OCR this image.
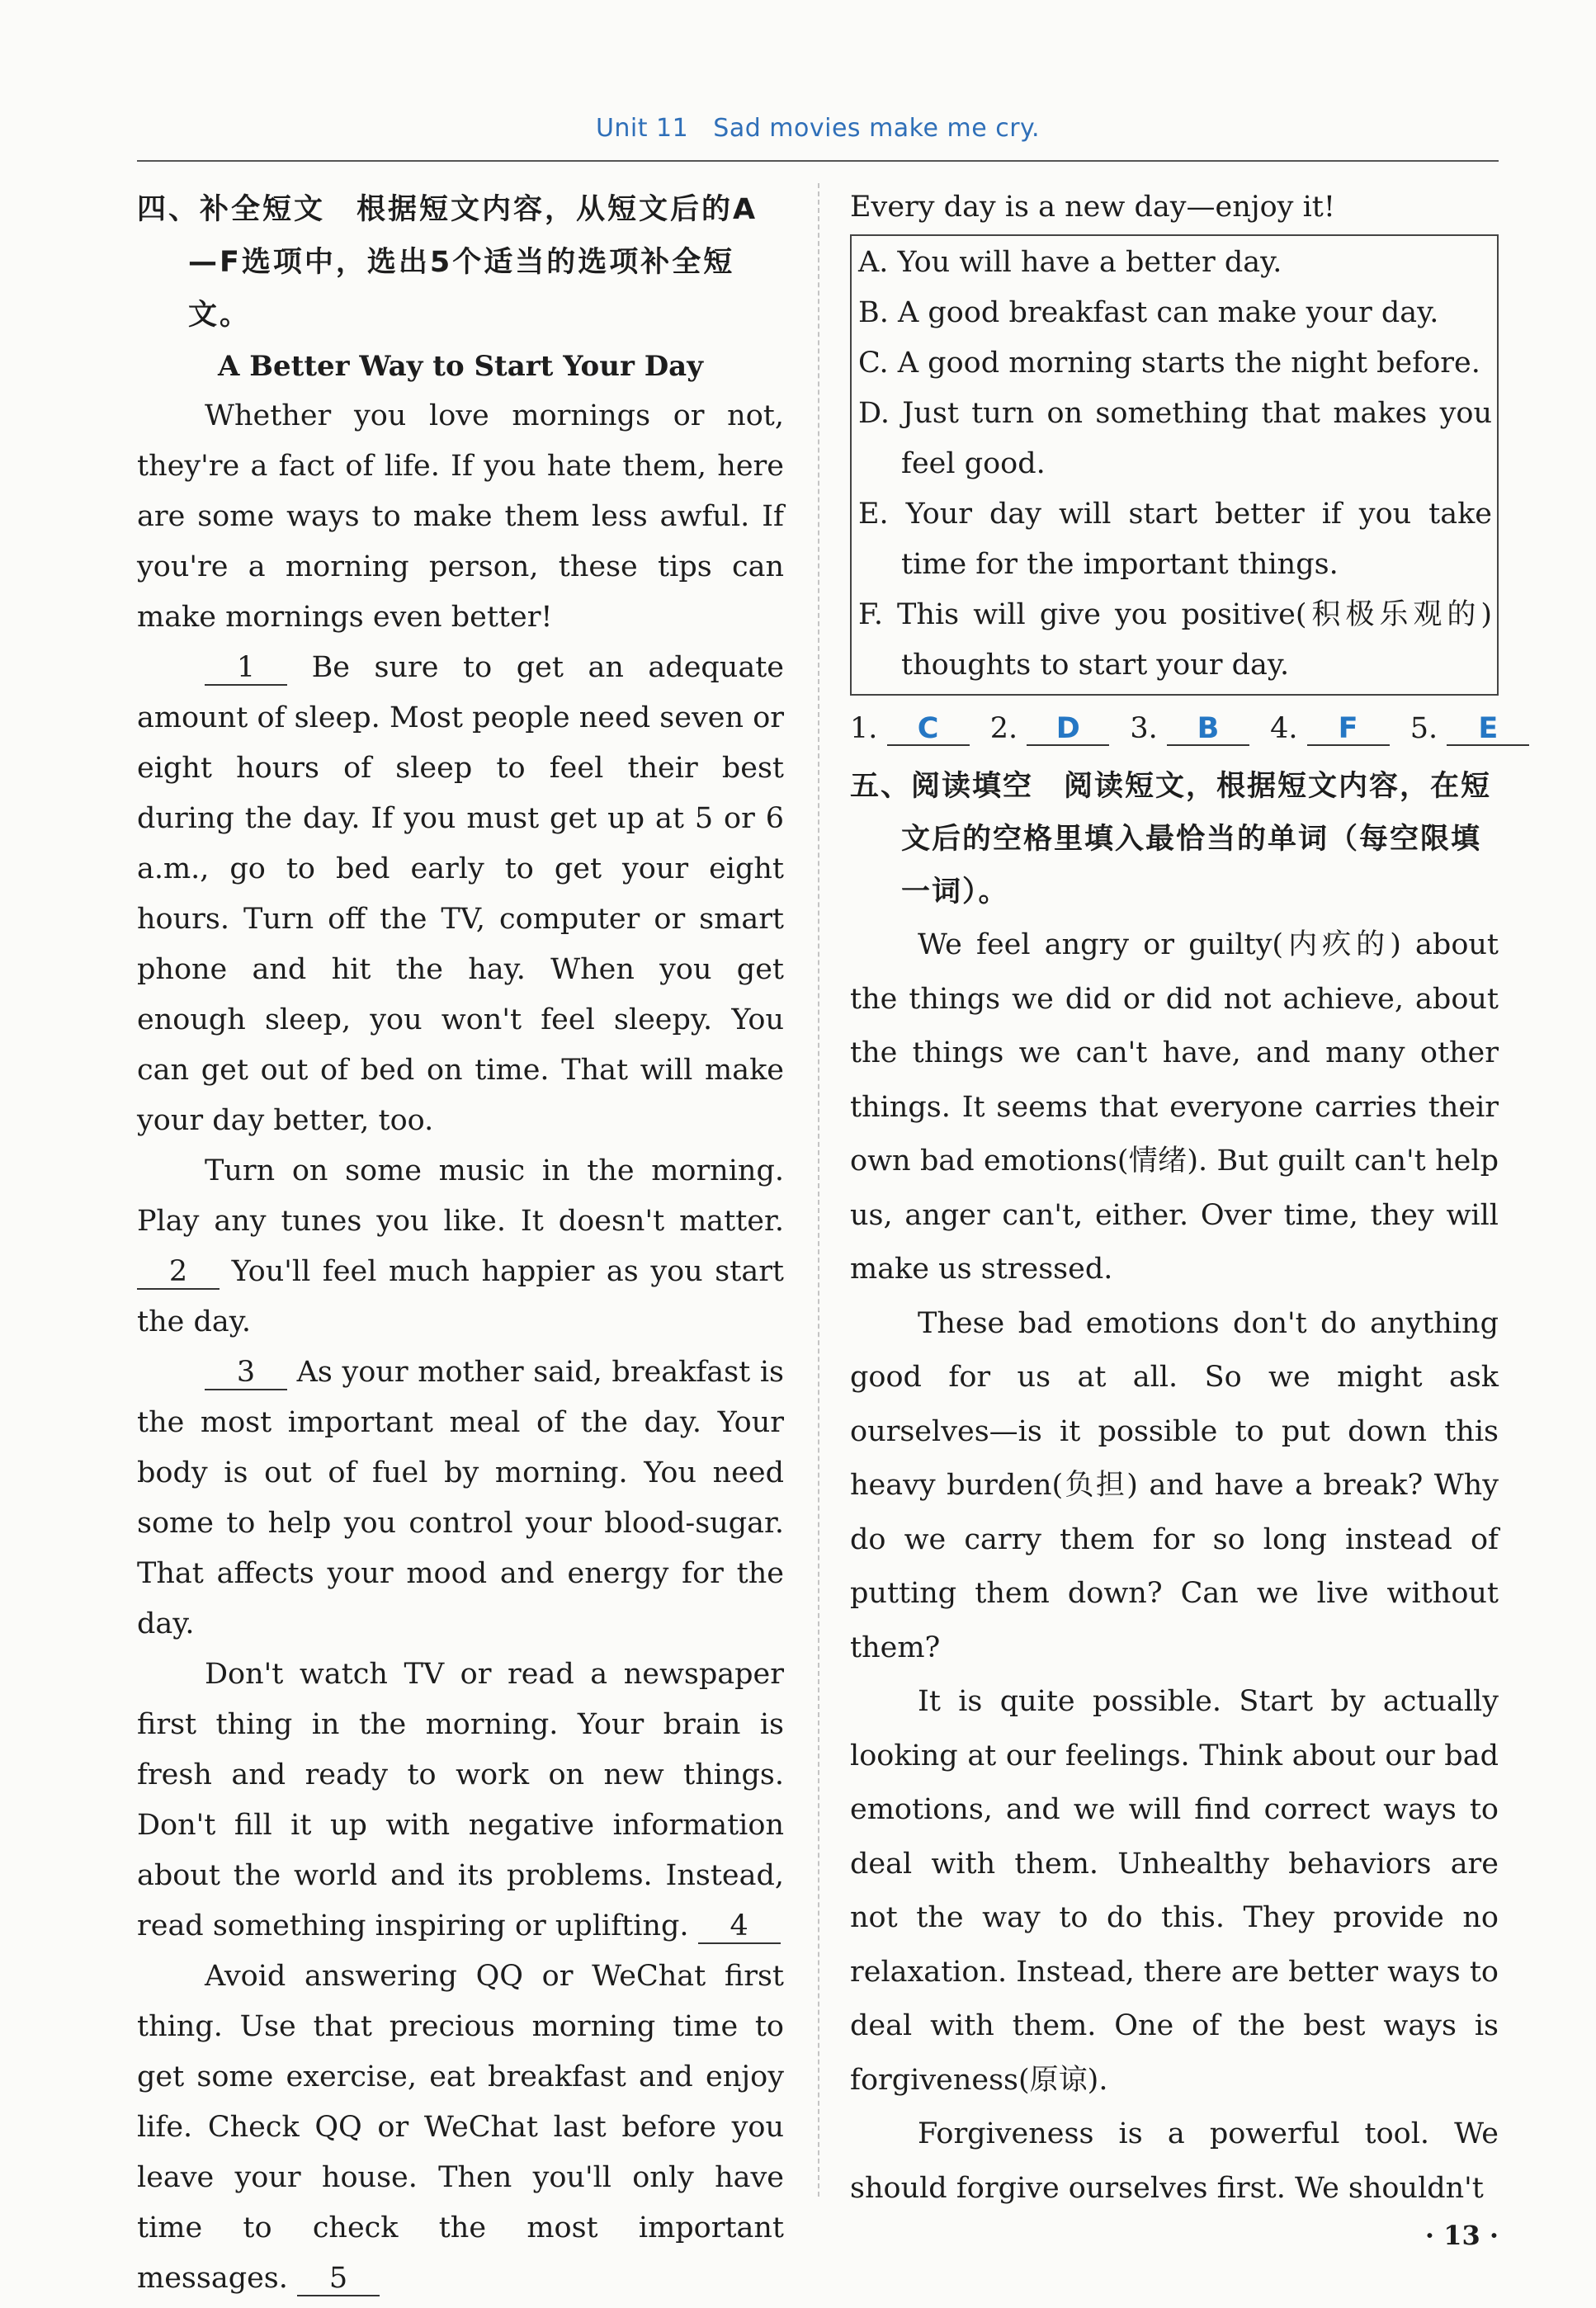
Unit 11 Sad movies make me cry.

四、补全短文　根据短文内容，从短文后的A—F选项中，选出5个适当的选项补全短文。

A Better Way to Start Your Day

Whether you love mornings or not, they're a fact of life. If you hate them, here are some ways to make them less awful. If you're a morning person, these tips can make mornings even better!

1 Be sure to get an adequate amount of sleep. Most people need seven or eight hours of sleep to feel their best during the day. If you must get up at 5 or 6 a.m., go to bed early to get your eight hours. Turn off the TV, computer or smart phone and hit the hay. When you get enough sleep, you won't feel sleepy. You can get out of bed on time. That will make your day better, too.

Turn on some music in the morning. Play any tunes you like. It doesn't matter. 2 You'll feel much happier as you start the day.

3 As your mother said, breakfast is the most important meal of the day. Your body is out of fuel by morning. You need some to help you control your blood-sugar. That affects your mood and energy for the day.

Don't watch TV or read a newspaper first thing in the morning. Your brain is fresh and ready to work on new things. Don't fill it up with negative information about the world and its problems. Instead, read something inspiring or uplifting. 4

Avoid answering QQ or WeChat first thing. Use that precious morning time to get some exercise, eat breakfast and enjoy life. Check QQ or WeChat last before you leave your house. Then you'll only have time to check the most important messages. 5

Every day is a new day—enjoy it!

A. You will have a better day.

B. A good breakfast can make your day.

C. A good morning starts the night before.

D. Just turn on something that makes you feel good.

E. Your day will start better if you take time for the important things.

F. This will give you positive(积极乐观的) thoughts to start your day.

1. C 2. D 3. B 4. F 5. E

五、阅读填空　阅读短文，根据短文内容，在短文后的空格里填入最恰当的单词（每空限填一词）。

We feel angry or guilty(内疚的) about the things we did or did not achieve, about the things we can't have, and many other things. It seems that everyone carries their own bad emotions(情绪). But guilt can't help us, anger can't, either. Over time, they will make us stressed.

These bad emotions don't do anything good for us at all. So we might ask ourselves—is it possible to put down this heavy burden(负担) and have a break? Why do we carry them for so long instead of putting them down? Can we live without them?

It is quite possible. Start by actually looking at our feelings. Think about our bad emotions, and we will find correct ways to deal with them. Unhealthy behaviors are not the way to do this. They provide no relaxation. Instead, there are better ways to deal with them. One of the best ways is forgiveness(原谅).

Forgiveness is a powerful tool. We should forgive ourselves first. We shouldn't

· 13 ·
